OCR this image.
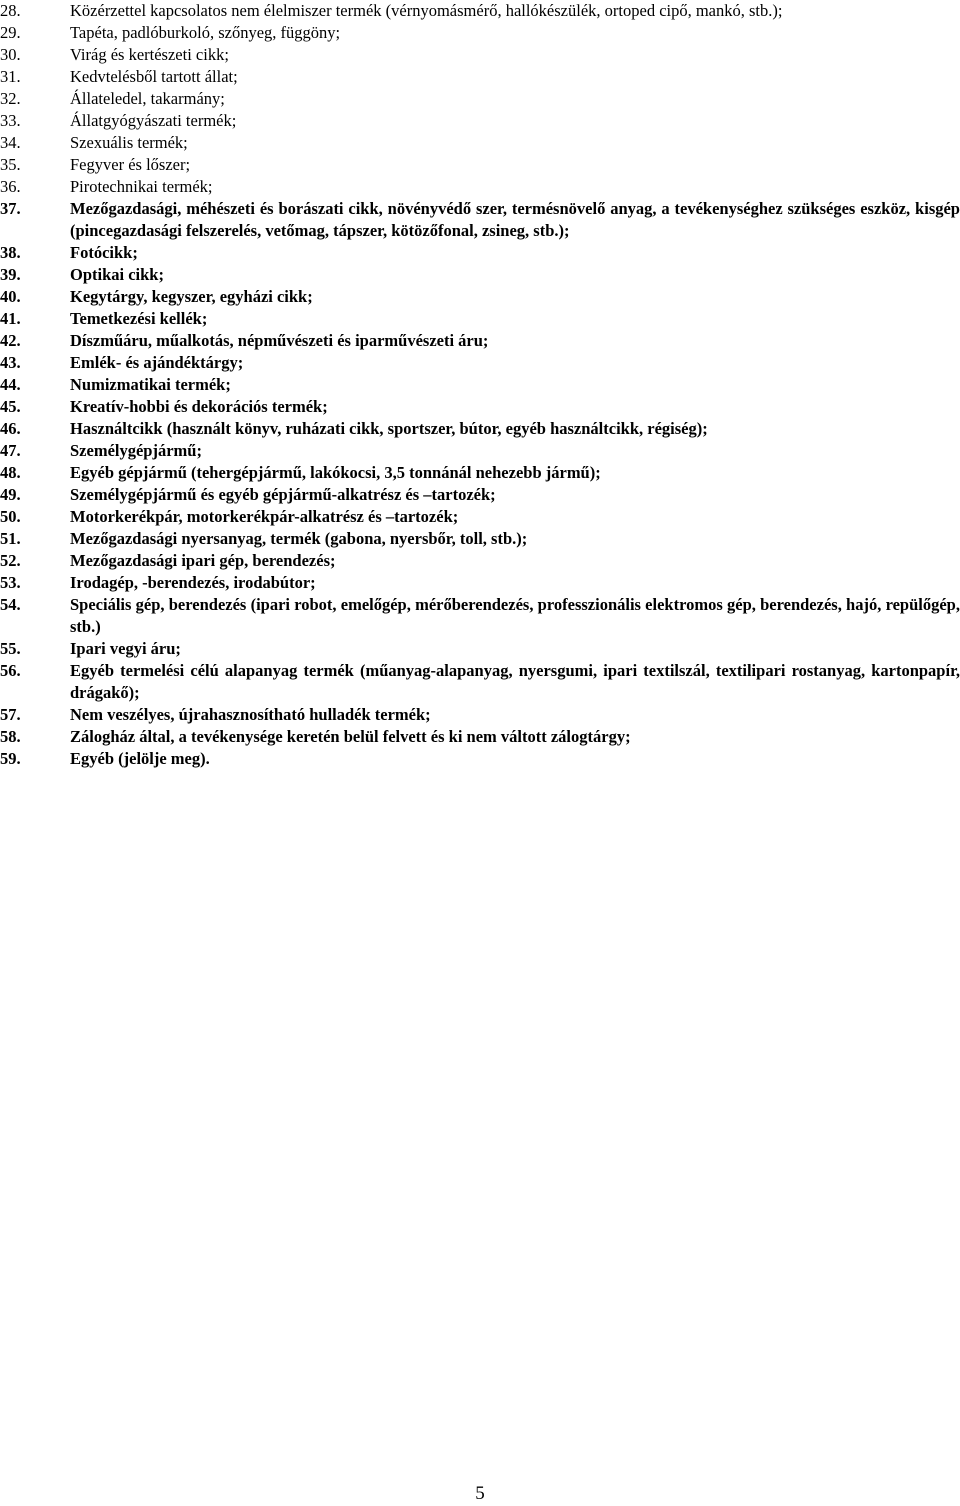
28.	Közérzettel kapcsolatos nem élelmiszer termék (vérnyomásmérő, hallókészülék, ortoped cipő, mankó, stb.);
29.	Tapéta, padlóburkoló, szőnyeg, függöny;
30.	Virág és kertészeti cikk;
31.	Kedvtelésből tartott állat;
32.	Állateledel, takarmány;
33.	Állatgyógyászati termék;
34.	Szexuális termék;
35.	Fegyver és lőszer;
36.	Pirotechnikai termék;
37.	Mezőgazdasági, méhészeti és borászati cikk, növényvédő szer, termésnövelő anyag, a tevékenységhez szükséges eszköz, kisgép (pincegazdasági felszerelés, vetőmag, tápszer, kötözőfonal, zsineg, stb.);
38.	Fotócikk;
39.	Optikai cikk;
40.	Kegytárgy, kegyszer, egyházi cikk;
41.	Temetkezési kellék;
42.	Díszműáru, műalkotás, népművészeti és iparművészeti áru;
43.	Emlék- és ajándéktárgy;
44.	Numizmatikai termék;
45.	Kreatív-hobbi és dekorációs termék;
46.	Használtcikk (használt könyv, ruházati cikk, sportszer, bútor, egyéb használtcikk, régiség);
47.	Személygépjármű;
48.	Egyéb gépjármű (tehergépjármű, lakókocsi, 3,5 tonnánál nehezebb jármű);
49.	Személygépjármű és egyéb gépjármű-alkatrész és –tartozék;
50.	Motorkerékpár, motorkerékpár-alkatrész és –tartozék;
51.	Mezőgazdasági nyersanyag, termék (gabona, nyersbőr, toll, stb.);
52.	Mezőgazdasági ipari gép, berendezés;
53.	Irodagép, -berendezés, irodabútor;
54.	Speciális gép, berendezés (ipari robot, emelőgép, mérőberendezés, professzionális elektromos gép, berendezés, hajó, repülőgép, stb.)
55.	Ipari vegyi áru;
56.	Egyéb termelési célú alapanyag termék (műanyag-alapanyag, nyersgumi, ipari textilszál, textilipari rostanyag, kartonpapír, drágakő);
57.	Nem veszélyes, újrahasznosítható hulladék termék;
58.	Zálogház által, a tevékenysége keretén belül felvett és ki nem váltott zálogtárgy;
59.	Egyéb (jelölje meg).
5
